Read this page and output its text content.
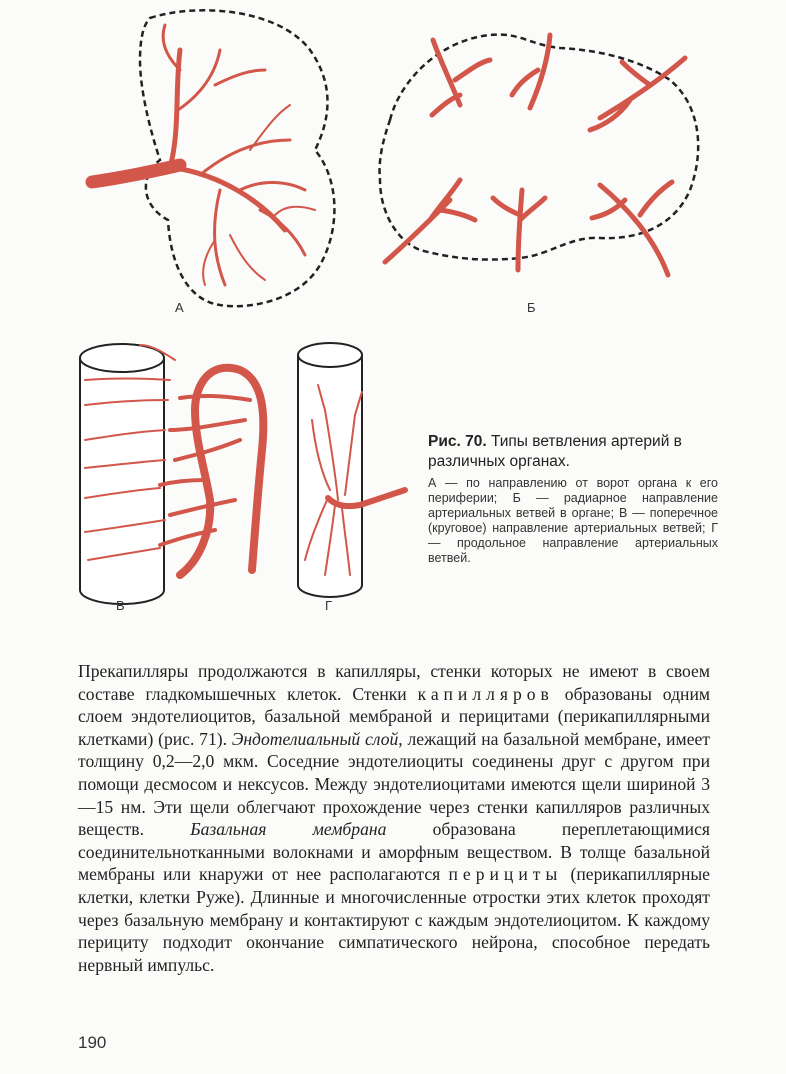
А	Б
В	Г
Рис. 70. Типы ветвления артерий в различных органах.
А — по направлению от ворот органа к его периферии; Б — радиарное направление артериальных ветвей в органе; В — поперечное (круговое) направление артериальных ветвей; Г — продольное направление артериальных ветвей.
Прекапилляры продолжаются в капилляры, стенки которых не имеют в своем составе гладкомышечных клеток. Стенки капилляров образованы одним слоем эндотелиоцитов, базальной мембраной и перицитами (перикапиллярными клетками) (рис. 71). Эндотелиальный слой, лежащий на базальной мембране, имеет толщину 0,2—2,0 мкм. Соседние эндотелиоциты соединены друг с другом при помощи десмосом и нексусов. Между эндотелиоцитами имеются щели шириной 3—15 нм. Эти щели облегчают прохождение через стенки капилляров различных веществ. Базальная мембрана образована переплетающимися соединительнотканными волокнами и аморфным веществом. В толще базальной мембраны или кнаружи от нее располагаются перициты (перикапиллярные клетки, клетки Руже). Длинные и многочисленные отростки этих клеток проходят через базальную мембрану и контактируют с каждым эндотелиоцитом. К каждому перициту подходит окончание симпатического нейрона, способное передать нервный импульс.
190
